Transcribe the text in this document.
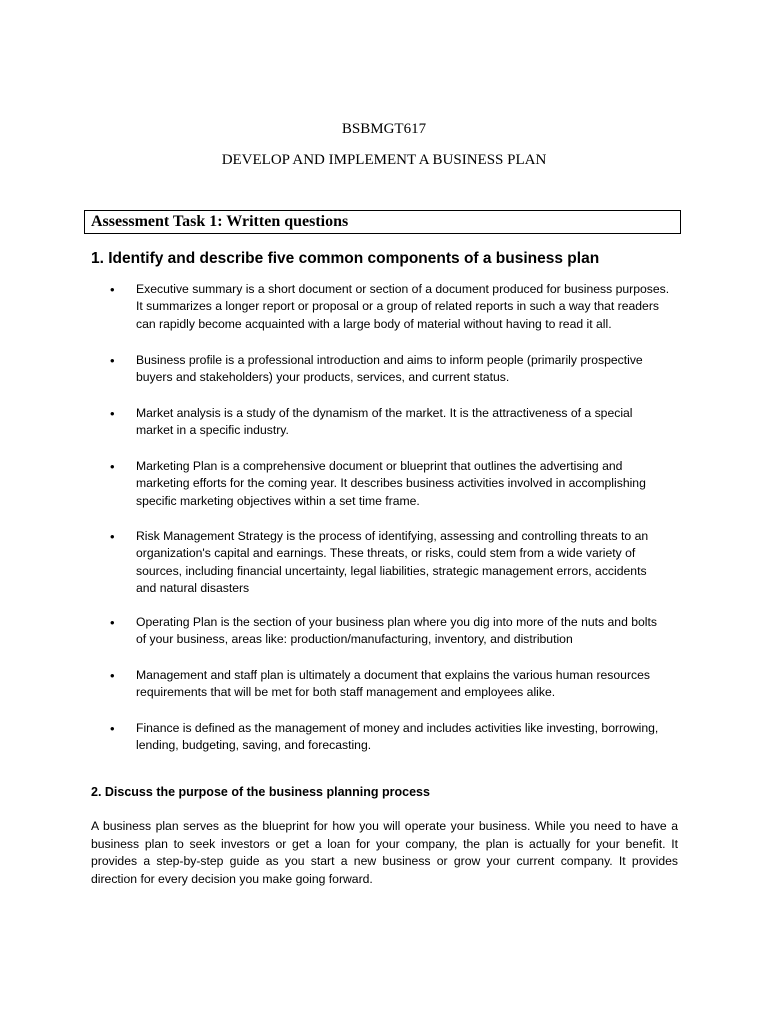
BSBMGT617
DEVELOP AND IMPLEMENT A BUSINESS PLAN
Assessment Task 1: Written questions
1. Identify and describe five common components of a business plan
•	Executive summary is a short document or section of a document produced for business purposes. It summarizes a longer report or proposal or a group of related reports in such a way that readers can rapidly become acquainted with a large body of material without having to read it all.
•	Business profile is a professional introduction and aims to inform people (primarily prospective buyers and stakeholders) your products, services, and current status.
•	Market analysis is a study of the dynamism of the market. It is the attractiveness of a special market in a specific industry.
•	Marketing Plan is a comprehensive document or blueprint that outlines the advertising and marketing efforts for the coming year. It describes business activities involved in accomplishing specific marketing objectives within a set time frame.
•	Risk Management Strategy is the process of identifying, assessing and controlling threats to an organization's capital and earnings. These threats, or risks, could stem from a wide variety of sources, including financial uncertainty, legal liabilities, strategic management errors, accidents and natural disasters
•	Operating Plan is the section of your business plan where you dig into more of the nuts and bolts of your business, areas like: production/manufacturing, inventory, and distribution
•	Management and staff plan is ultimately a document that explains the various human resources requirements that will be met for both staff management and employees alike.
•	Finance is defined as the management of money and includes activities like investing, borrowing, lending, budgeting, saving, and forecasting.
2. Discuss the purpose of the business planning process
A business plan serves as the blueprint for how you will operate your business. While you need to have a business plan to seek investors or get a loan for your company, the plan is actually for your benefit. It provides a step-by-step guide as you start a new business or grow your current company. It provides direction for every decision you make going forward.
